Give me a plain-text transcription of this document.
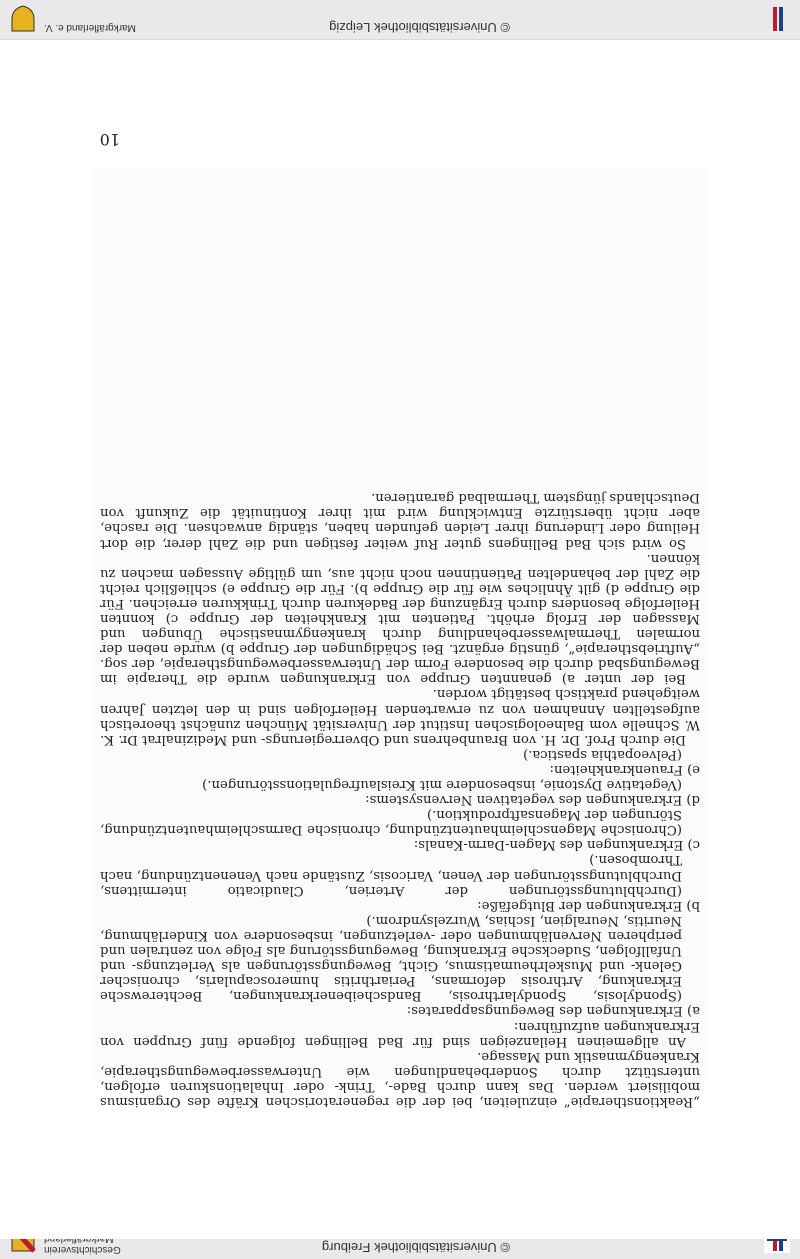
© Universitätsbibliothek Freiburg
Geschichtsverein

„Reaktionstherapie“ einzuleiten, bei der die regeneratorischen Kräfte des Organismus mobilisiert werden. Das kann durch Bade-, Trink- oder Inhalationskuren erfolgen, unterstützt durch Sonderbehandlungen wie Unterwasserbewegungstherapie, Krankengymnastik und Massage.

An allgemeinen Heilanzeigen sind für Bad Bellingen folgende fünf Gruppen von Erkrankungen aufzuführen:

a) Erkrankungen des Bewegungsapparates:
(Spondylosis, Spondylarthrosis, Bandscheibenerkrankungen, Bechterewsche Erkrankung, Arthrosis deformans, Periarthritis humeroscapularis, chronischer Gelenk- und Muskelrheumatismus, Gicht, Bewegungsstörungen als Verletzungs- und Unfallfolgen, Sudecksche Erkrankung, Bewegungsstörung als Folge von zentralen und peripheren Nervenlähmungen oder -verletzungen, insbesondere von Kinderlähmung, Neuritis, Neuralgien, Ischias, Wurzelsyndrom.)
b) Erkrankungen der Blutgefäße:
(Durchblutungsstörungen der Arterien, Claudicatio intermittens, Durchblutungsstörungen der Venen, Varicosis, Zustände nach Venenentzündung, nach Thrombosen.)
c) Erkrankungen des Magen-Darm-Kanals:
(Chronische Magenschleimhautentzündung, chronische Darmschleimhautentzündung, Störungen der Magensaftproduktion.)
d) Erkrankungen des vegetativen Nervensystems:
(Vegetative Dystonie, insbesondere mit Kreislaufregulationsstörungen.)
e) Frauenkrankheiten:
(Pelveopathia spastica.)

Die durch Prof. Dr. H. von Braunbehrens und Obverregierungs- und Medizinalrat Dr. K. W. Schnelle vom Balneologischen Institut der Universität München zunächst theoretisch aufgestellten Annahmen von zu erwartenden Heilerfolgen sind in den letzten Jahren weitgehend praktisch bestätigt worden.

Bei der unter a) genannten Gruppe von Erkrankungen wurde die Therapie im Bewegungsbad durch die besondere Form der Unterwasserbewegungstherapie, der sog. „Auftriebstherapie“, günstig ergänzt. Bei Schädigungen der Gruppe b) wurde neben der normalen Thermalwasserbehandlung durch krankengymnastische Übungen und Massagen der Erfolg erhöht. Patienten mit Krankheiten der Gruppe c) konnten Heilerfolge besonders durch Ergänzung der Badekuren durch Trinkkuren erreichen. Für die Gruppe d) gilt Ähnliches wie für die Gruppe b). Für die Gruppe e) schließlich reicht die Zahl der behandelten Patientinnen noch nicht aus, um gültige Aussagen machen zu können.

So wird sich Bad Bellingens guter Ruf weiter festigen und die Zahl derer, die dort Heilung oder Linderung ihrer Leiden gefunden haben, ständig anwachsen. Die rasche, aber nicht überstürzte Entwicklung wird mit ihrer Kontinuität die Zukunft von Deutschlands jüngstem Thermalbad garantieren.

10
© Universitätsbibliothek Leipzig
Markgräflerland e. V.
